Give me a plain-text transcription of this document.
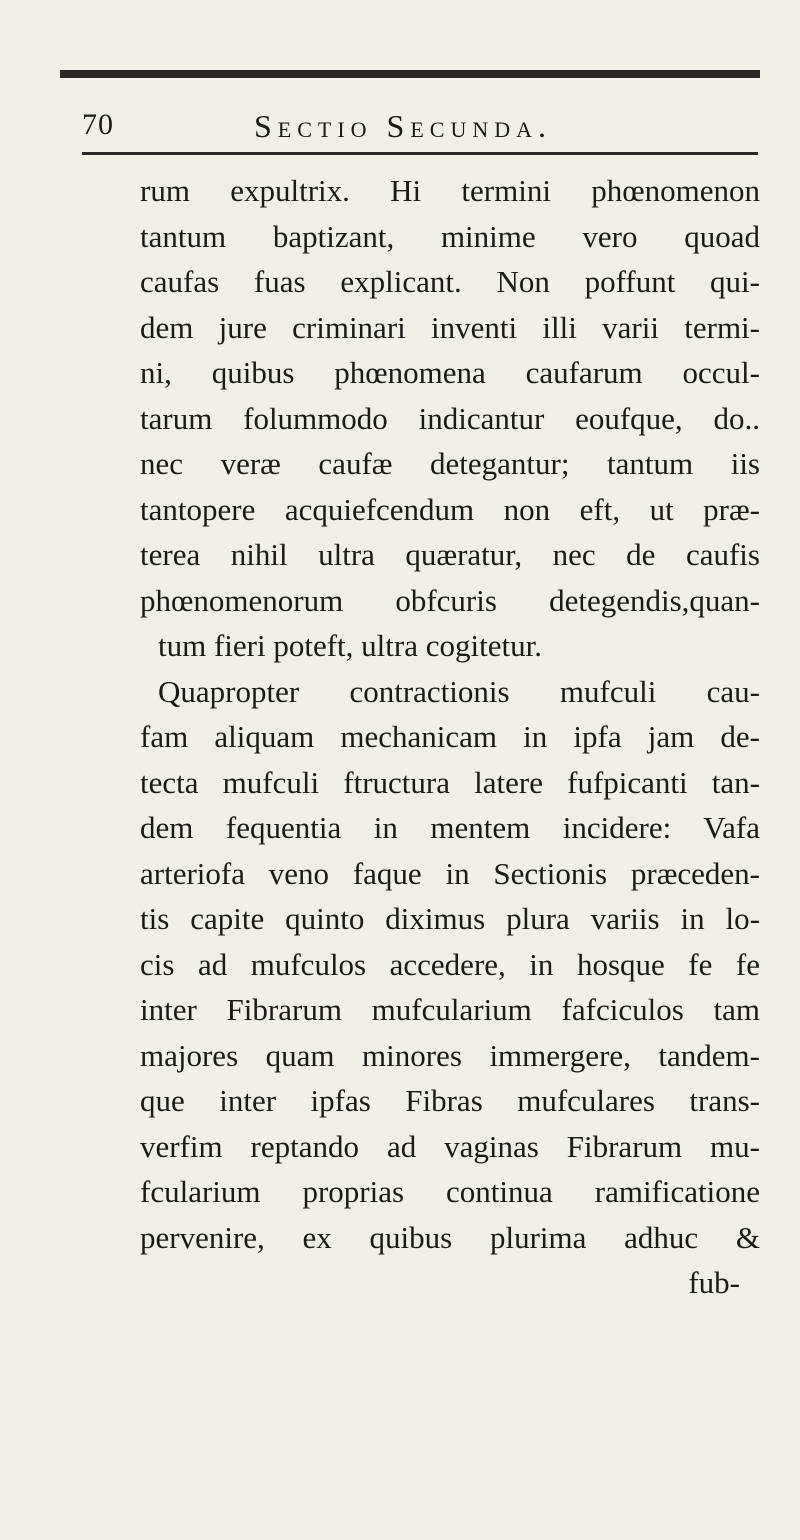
70	Sectio Secunda.
rum expultrix. Hi termini phœnomenon
tantum baptizant, minime vero quoad
caufas fuas explicant. Non poffunt qui-
dem jure criminari inventi illi varii termi-
ni, quibus phœnomena caufarum occul-
tarum folummodo indicantur eoufque, do..
nec veræ caufæ detegantur; tantum iis
tantopere acquiefcendum non eft, ut præ-
terea nihil ultra quæratur, nec de caufis
phœnomenorum obfcuris detegendis,quan-
tum fieri poteft, ultra cogitetur.
Quapropter contractionis mufculi cau-
fam aliquam mechanicam in ipfa jam de-
tecta mufculi ftructura latere fufpicanti tan-
dem fequentia in mentem incidere: Vafa
arteriofa veno faque in Sectionis præceden-
tis capite quinto diximus plura variis in lo-
cis ad mufculos accedere, in hosque fe fe
inter Fibrarum mufcularium fafciculos tam
majores quam minores immergere, tandem-
que inter ipfas Fibras mufculares trans-
verfim reptando ad vaginas Fibrarum mu-
fcularium proprias continua ramificatione
pervenire, ex quibus plurima adhuc &
fub-
